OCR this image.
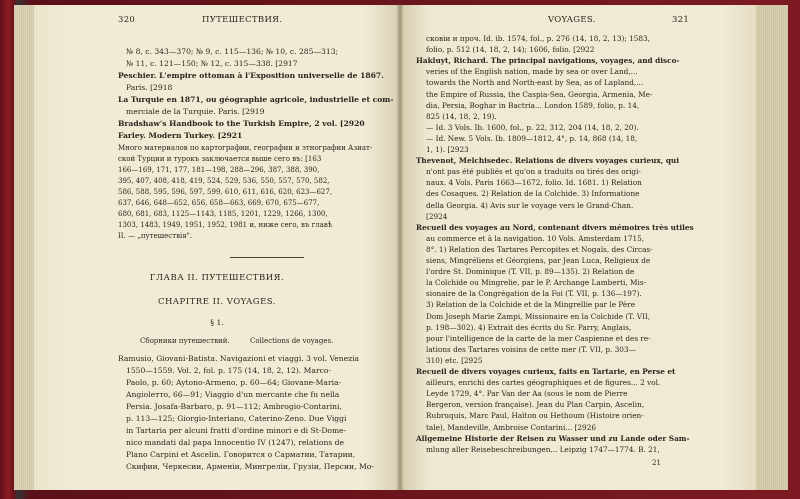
320	ПУТЕШЕСТВИЯ.
№ 8, с. 343—370; № 9, с. 115—136; № 10, с. 285—313;
№ 11, с. 121—150; № 12, с. 315—338. [2917
Peschier. L'empire ottoman à l'Exposition universelle de 1867.
Paris. [2918
La Turquie en 1871, ou géographie agricole, industrielle et com-
merciale de la Turquie. Paris. [2919
Bradshaw's Handbook to the Turkish Empire, 2 vol. [2920
Farley. Modern Turkey. [2921
Много материалов по картографии, географии и этнографии Азиат-
ской Турции и турокъ заключается выше сего въ: [163
166—169, 171, 177, 181—198, 288—296, 387, 388, 390,
395, 407, 408, 418, 419, 524, 529, 536, 550, 557, 570, 582,
586, 588, 595, 596, 597, 599, 610, 611, 616, 620, 623—627,
637, 646, 648—652, 656, 658—663, 669, 670, 675—677,
680, 681, 683, 1125—1143, 1185, 1201, 1229, 1266, 1300,
1303, 1483, 1949, 1951, 1952, 1981 и, ниже сего, въ главѣ
II. — „путешествія".
ГЛАВА II. ПУТЕШЕСТВИЯ.
CHAPITRE II. VOYAGES.
§ 1.
Сборники путешествий.	Collections de voyages.
Ramusio, Giovani-Batista. Navigazioni et viaggi. 3 vol. Venezia
1550—1559. Vol. 2, fol. p. 175 (14, 18, 2, 12). Marco-
Paolo, p. 60; Aytono-Armeno, p. 60—64; Giovane-Maria-
Angiolетто, 66—91; Viaggio d'un mercante che fu nella
Persia. Josafa-Barbaro, p. 91—112; Ambrogio-Contarini,
p. 113—125; Giorgio-Interiano, Caterino-Zeno. Due Viggi
in Tartaria per alcuni fratti d'ordine minori e di St-Dome-
nico mandati dal papa Innocentio IV (1247), relations de
Plano Carpini et Ascelin. Говорится о Сарматии, Татарии,
Скифии, Черкесии, Арменіи, Мингреліи, Грузіи, Персии, Мо-
VOYAGES.	321
сковіи и проч. Id. ib. 1574, fol., p. 276 (14, 18, 2, 13); 1583,
folio, p. 512 (14, 18, 2, 14); 1606, folio. [2922
Hakluyt, Richard. The principal navigations, voyages, and disco-
veries of the English nation, made by sea or over Land,...
towards the North and North-east by Sea, as of Lapland,...
the Empire of Russia, the Caspia-Sea, Georgia, Armenia, Me-
dia, Persia, Boghar in Bactria... London 1589, folio, p. 14,
825 (14, 18, 2, 19).
— Id. 3 Vols. Ib. 1600, fol., p. 22, 312, 204 (14, 18, 2, 20).
— Id. New. 5 Vols. Ib. 1809—1812, 4°, p. 14, 868 (14, 18,
1, 1). [2923
Thevenot, Melchisedec. Relations de divers voyages curieux, qui
n'ont pas été publiés et qu'on a traduits ou tirés des origi-
naux. 4 Vols. Paris 1663—1672, folio. Id. 1681. 1) Relation
des Cosaques. 2) Relation de la Colchide. 3) Informatione
della Georgia. 4) Avis sur le voyage vers le Grand-Chan.
[2924
Recueil des voyages au Nord, contenant divers mémoires très utiles
au commerce et à la navigation. 10 Vols. Amsterdam 1715,
8°. 1) Relation des Tartares Percopites et Nogaïs, des Circas-
siens, Mingréliens et Géorgiens, par Jean Luca, Religieux de
l'ordre St. Dominique (T. VII, p. 89—135). 2) Relation de
la Colchide ou Mingrelie, par le P. Archange Lamberti, Mis-
sionaire de la Congrégation de la Foi (T. VII, p. 136—197).
3) Relation de la Colchide et de la Mingrellie par le Père
Dom Joseph Marie Zampi, Missionaire en la Colchide (T. VII,
p. 198—302). 4) Extrait des écrits du Sr. Parry, Anglais,
pour l'intelligence de la carte de la mer Caspienne et des re-
lations des Tartares voisins de cette mer (T. VII, p. 303—
310) etc. [2925
Recueil de divers voyages curieux, faits en Tartarie, en Perse et
ailleurs, enrichi des cartes géographiques et de figures... 2 vol.
Leyde 1729, 4°. Par Van der Aa (sous le nom de Pierre
Bergeron, version française). Jean du Plan Carpin, Ascelin,
Rubruquis, Marc Paul, Haïton ou Hethoum (Histoire orien-
tale), Mandeville, Ambroise Contarini... [2926
Allgemeine Historie der Reisen zu Wasser und zu Lande oder Sam-
mlung aller Reisebeschreibungen... Leipzig 1747—1774. B. 21,
21
